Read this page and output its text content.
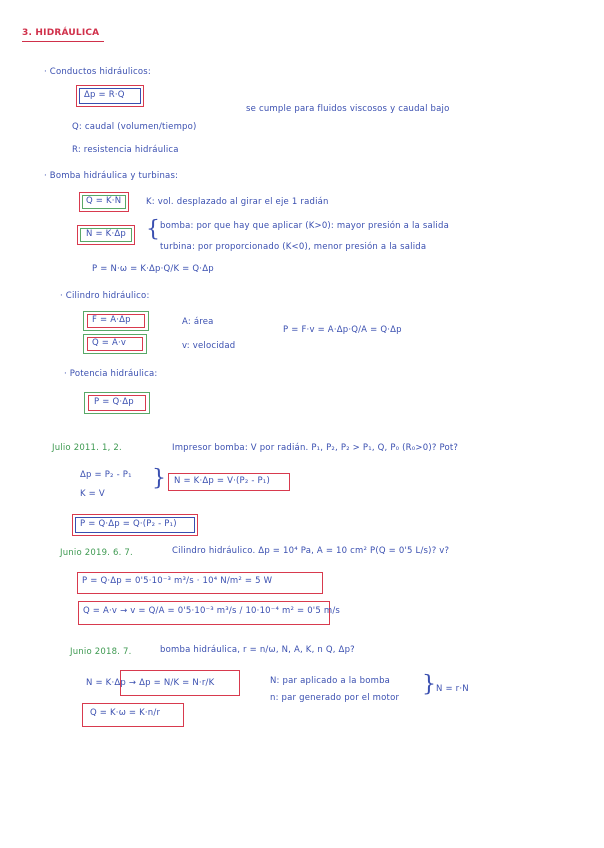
3. HIDRÁULICA
· Conductos hidráulicos:
Δp = R·Q
se cumple para fluidos viscosos y caudal bajo
Q: caudal (volumen/tiempo)
R: resistencia hidráulica
· Bomba hidráulica y turbinas:
Q = K·N	K: vol. desplazado al girar el eje 1 radián
N = K·Δp { bomba: por que hay que aplicar (K>0): mayor presión a la salida
turbina: por proporcionado (K<0), menor presión a la salida
P = N·ω = K·Δp·Q/K = Q·Δp
· Cilindro hidráulico:
F = A·Δp	A: área
P = F·v = A·Δp·Q/A = Q·Δp
Q = A·v	v: velocidad
· Potencia hidráulica:
P = Q·Δp
Julio 2011. 1, 2.	Impresor bomba: V por radián. P₁, P₂, P₂ > P₁, Q, P₀ (R₀>0)? Pot?
Δp = P₂ - P₁
K = V
} N = K·Δp = V·(P₂ - P₁)
P = Q·Δp = Q·(P₂ - P₁)
Junio 2019. 6. 7.	Cilindro hidráulico. Δp = 10⁴ Pa, A = 10 cm² P(Q = 0'5 L/s)? v?
P = Q·Δp = 0'5·10⁻³ m³/s · 10⁴ N/m² = 5 W
Q = A·v → v = Q/A = 0'5·10⁻³ m³/s / 10·10⁻⁴ m² = 0'5 m/s
Junio 2018. 7.	bomba hidráulica, r = n/ω, N, A, K, n Q, Δp?
N = K·Δp → Δp = N/K = N·r/K	N: par aplicado a la bomba
n: par generado por el motor
} N = r·N
Q = K·ω = K·n/r
